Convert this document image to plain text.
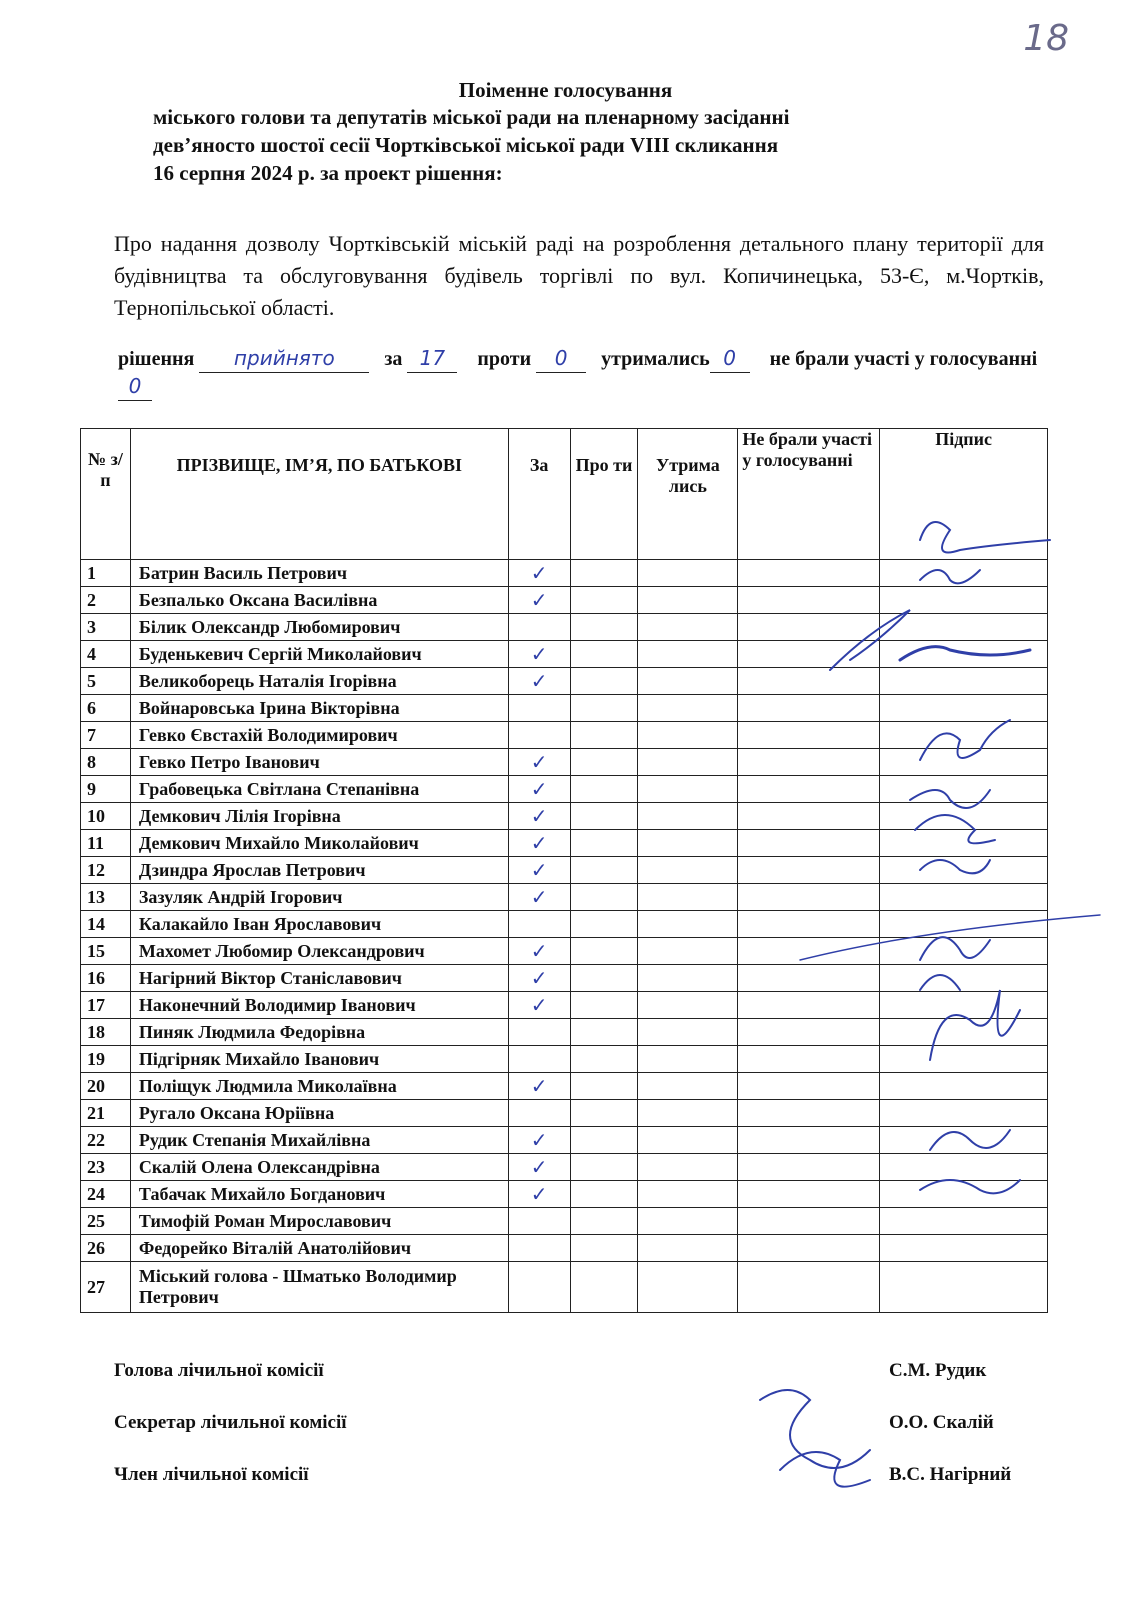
18

Поіменне голосування

міського голови та депутатів міської ради на пленарному засіданні
дев’яносто шостої сесії Чортківської міської ради VIII скликання
16 серпня 2024 р. за проект рішення:
Про надання дозволу Чортківській міській раді на розроблення детального плану території для будівництва та обслуговування будівель торгівлі по вул. Копичинецька, 53-Є, м.Чортків, Тернопільської області.
рішення прийнято за 17 проти 0 утримались 0 не брали участі у голосуванні0
№ з/п	ПРІЗВИЩЕ, ІМ’Я, ПО БАТЬКОВІ	За	Про ти	Утрима лись	Не брали участі у голосуванні	Підпис
1	Батрин Василь Петрович	✓				
2	Безпалько Оксана Василівна	✓				
3	Білик Олександр Любомирович					
4	Буденькевич Сергій Миколайович	✓				
5	Великоборець Наталія Ігорівна	✓				
6	Войнаровська Ірина Вікторівна					
7	Гевко Євстахій Володимирович					
8	Гевко Петро Іванович	✓				
9	Грабовецька Світлана Степанівна	✓				
10	Демкович Лілія Ігорівна	✓				
11	Демкович Михайло Миколайович	✓				
12	Дзиндра Ярослав Петрович	✓				
13	Зазуляк Андрій Ігорович	✓				
14	Калакайло Іван Ярославович					
15	Махомет Любомир Олександрович	✓				
16	Нагірний Віктор Станіславович	✓				
17	Наконечний Володимир Іванович	✓				
18	Пиняк Людмила Федорівна					
19	Підгірняк Михайло Іванович					
20	Поліщук Людмила Миколаївна	✓				
21	Ругало Оксана Юріївна					
22	Рудик Степанія Михайлівна	✓				
23	Скалій Олена Олександрівна	✓				
24	Табачак Михайло Богданович	✓				
25	Тимофій Роман Мирославович					
26	Федорейко Віталій Анатолійович					
27	Міський голова - Шматько Володимир Петрович					
Голова лічильної комісії	С.М. Рудик
Секретар лічильної комісії	О.О. Скалій
Член лічильної комісії	В.С. Нагірний
